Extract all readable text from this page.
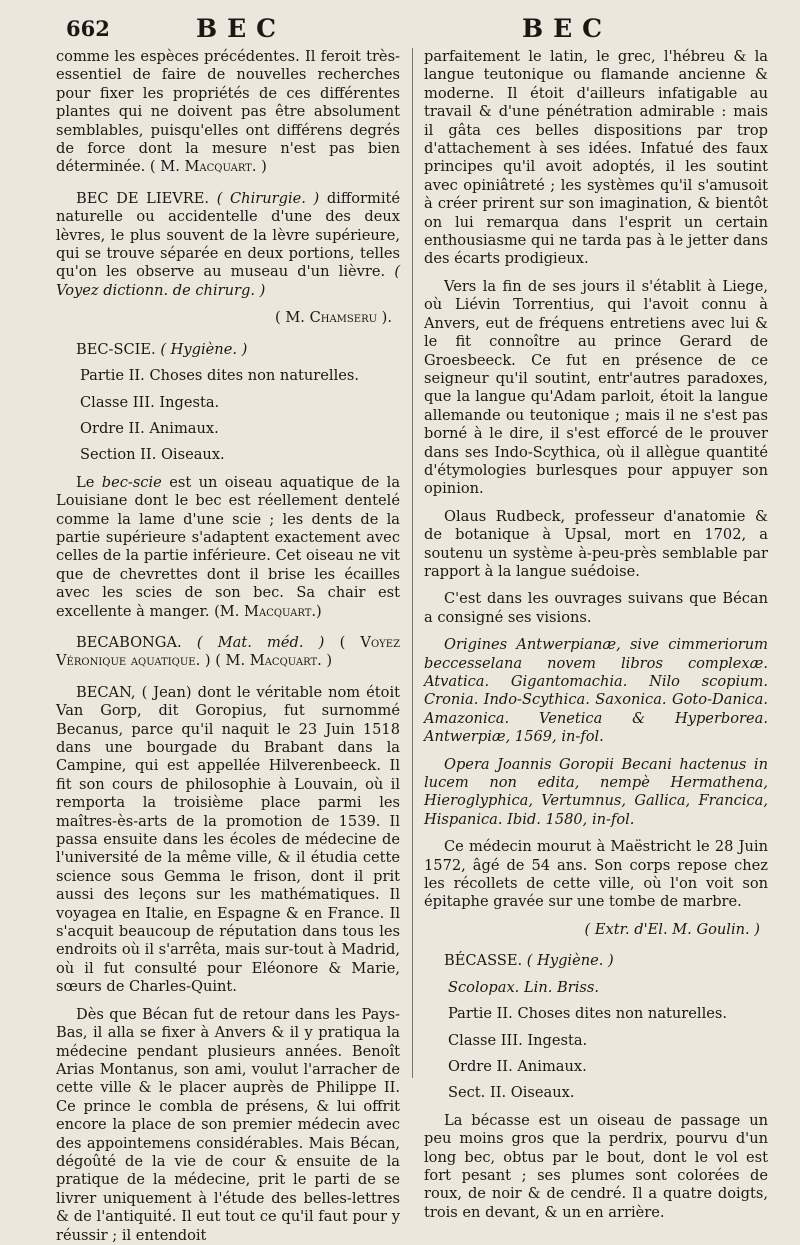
662	BEC	BEC

comme les espèces précédentes. Il feroit très-essentiel de faire de nouvelles recherches pour fixer les propriétés de ces différentes plantes qui ne doivent pas être absolument semblables, puisqu'elles ont différens degrés de force dont la mesure n'est pas bien déterminée. ( M. Macquart. )

BEC DE LIEVRE. ( Chirurgie. ) difformité naturelle ou accidentelle d'une des deux lèvres, le plus souvent de la lèvre supérieure, qui se trouve séparée en deux portions, telles qu'on les observe au museau d'un lièvre. ( Voyez dictionn. de chirurg. )

( M. Chamseru ).

BEC-SCIE. ( Hygiène. )

Partie II. Choses dites non naturelles.

Classe III. Ingesta.

Ordre II. Animaux.

Section II. Oiseaux.

Le bec-scie est un oiseau aquatique de la Louisiane dont le bec est réellement dentelé comme la lame d'une scie ; les dents de la partie supérieure s'adaptent exactement avec celles de la partie inférieure. Cet oiseau ne vit que de chevrettes dont il brise les écailles avec les scies de son bec. Sa chair est excellente à manger. (M. Macquart.)

BECABONGA. ( Mat. méd. ) ( Voyez Véronique aquatique. ) ( M. Macquart. )

BECAN, ( Jean) dont le véritable nom étoit Van Gorp, dit Goropius, fut surnommé Becanus, parce qu'il naquit le 23 Juin 1518 dans une bourgade du Brabant dans la Campine, qui est appellée Hilverenbeeck. Il fit son cours de philosophie à Louvain, où il remporta la troisième place parmi les maîtres-ès-arts de la promotion de 1539. Il passa ensuite dans les écoles de médecine de l'université de la même ville, & il étudia cette science sous Gemma le frison, dont il prit aussi des leçons sur les mathématiques. Il voyagea en Italie, en Espagne & en France. Il s'acquit beaucoup de réputation dans tous les endroits où il s'arrêta, mais sur-tout à Madrid, où il fut consulté pour Eléonore & Marie, sœurs de Charles-Quint.

Dès que Bécan fut de retour dans les Pays-Bas, il alla se fixer à Anvers & il y pratiqua la médecine pendant plusieurs années. Benoît Arias Montanus, son ami, voulut l'arracher de cette ville & le placer auprès de Philippe II. Ce prince le combla de présens, & lui offrit encore la place de son premier médecin avec des appointemens considérables. Mais Bécan, dégoûté de la vie de cour & ensuite de la pratique de la médecine, prit le parti de se livrer uniquement à l'étude des belles-lettres & de l'antiquité. Il eut tout ce qu'il faut pour y réussir ; il entendoit

parfaitement le latin, le grec, l'hébreu & la langue teutonique ou flamande ancienne & moderne. Il étoit d'ailleurs infatigable au travail & d'une pénétration admirable : mais il gâta ces belles dispositions par trop d'attachement à ses idées. Infatué des faux principes qu'il avoit adoptés, il les soutint avec opiniâtreté ; les systèmes qu'il s'amusoit à créer prirent sur son imagination, & bientôt on lui remarqua dans l'esprit un certain enthousiasme qui ne tarda pas à le jetter dans des écarts prodigieux.

Vers la fin de ses jours il s'établit à Liege, où Liévin Torrentius, qui l'avoit connu à Anvers, eut de fréquens entretiens avec lui & le fit connoître au prince Gerard de Groesbeeck. Ce fut en présence de ce seigneur qu'il soutint, entr'autres paradoxes, que la langue qu'Adam parloit, étoit la langue allemande ou teutonique ; mais il ne s'est pas borné à le dire, il s'est efforcé de le prouver dans ses Indo-Scythica, où il allègue quantité d'étymologies burlesques pour appuyer son opinion.

Olaus Rudbeck, professeur d'anatomie & de botanique à Upsal, mort en 1702, a soutenu un système à-peu-près semblable par rapport à la langue suédoise.

C'est dans les ouvrages suivans que Bécan a consigné ses visions.

Origines Antwerpianæ, sive cimmeriorum beccesselana novem libros complexæ. Atvatica. Gigantomachia. Nilo scopium. Cronia. Indo-Scythica. Saxonica. Goto-Danica. Amazonica. Venetica & Hyperborea. Antwerpiæ, 1569, in-fol.

Opera Joannis Goropii Becani hactenus in lucem non edita, nempè Hermathena, Hieroglyphica, Vertumnus, Gallica, Francica, Hispanica. Ibid. 1580, in-fol.

Ce médecin mourut à Maëstricht le 28 Juin 1572, âgé de 54 ans. Son corps repose chez les récollets de cette ville, où l'on voit son épitaphe gravée sur une tombe de marbre.

( Extr. d'El. M. Goulin. )

BÉCASSE. ( Hygiène. )

Scolopax. Lin. Briss.

Partie II. Choses dites non naturelles.

Classe III. Ingesta.

Ordre II. Animaux.

Sect. II. Oiseaux.

La bécasse est un oiseau de passage un peu moins gros que la perdrix, pourvu d'un long bec, obtus par le bout, dont le vol est fort pesant ; ses plumes sont colorées de roux, de noir & de cendré. Il a quatre doigts, trois en devant, & un en arrière.
